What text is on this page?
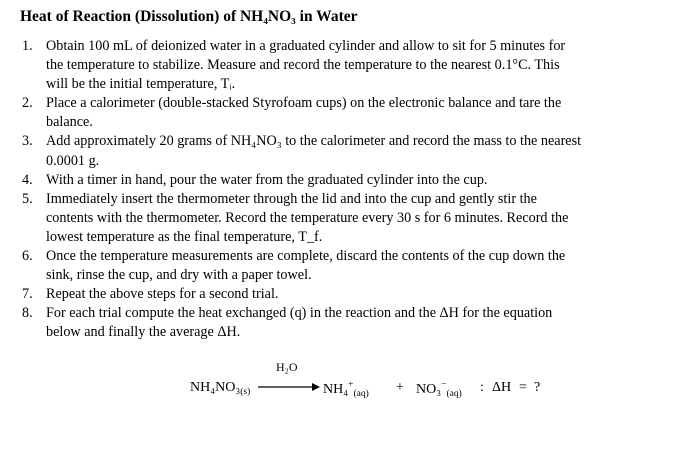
Heat of Reaction (Dissolution) of NH₄NO₃ in Water
1. Obtain 100 mL of deionized water in a graduated cylinder and allow to sit for 5 minutes for
the temperature to stabilize. Measure and record the temperature to the nearest 0.1°C. This
will be the initial temperature, Tᵢ.
2. Place a calorimeter (double-stacked Styrofoam cups) on the electronic balance and tare the
balance.
3. Add approximately 20 grams of NH₄NO₃ to the calorimeter and record the mass to the nearest
0.0001 g.
4. With a timer in hand, pour the water from the graduated cylinder into the cup.
5. Immediately insert the thermometer through the lid and into the cup and gently stir the
contents with the thermometer. Record the temperature every 30 s for 6 minutes. Record the
lowest temperature as the final temperature, T_f.
6. Once the temperature measurements are complete, discard the contents of the cup down the
sink, rinse the cup, and dry with a paper towel.
7. Repeat the above steps for a second trial.
8. For each trial compute the heat exchanged (q) in the reaction and the ΔH for the equation
below and finally the average ΔH.
H₂O
$NH_4NO_3_{(s)}$	$NH_4^+_{(aq)} + NO_3^-_{(aq)}$ : ΔH = ?
